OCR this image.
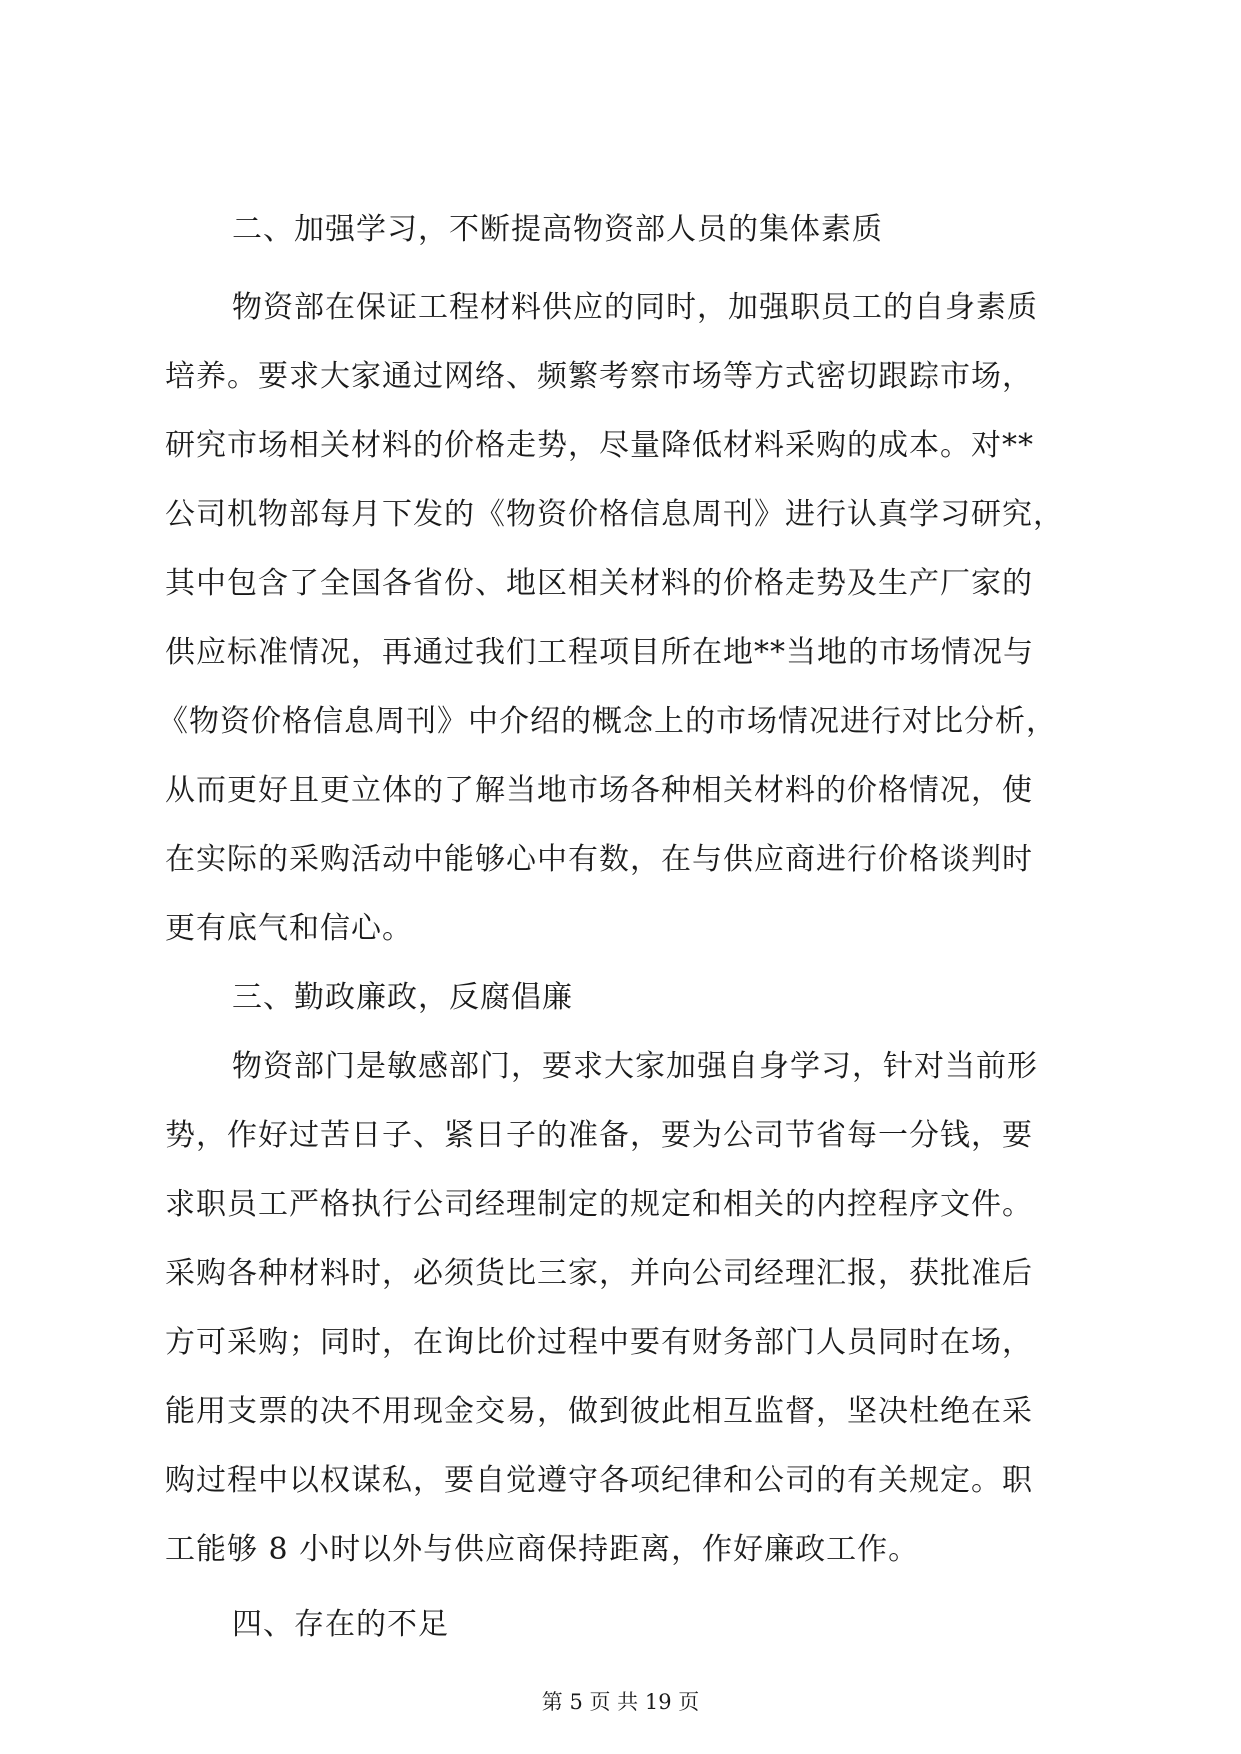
二、加强学习，不断提高物资部人员的集体素质
物资部在保证工程材料供应的同时，加强职员工的自身素质
培养。要求大家通过网络、频繁考察市场等方式密切跟踪市场，
研究市场相关材料的价格走势，尽量降低材料采购的成本。对**
公司机物部每月下发的《物资价格信息周刊》进行认真学习研究，
其中包含了全国各省份、地区相关材料的价格走势及生产厂家的
供应标准情况，再通过我们工程项目所在地**当地的市场情况与
《物资价格信息周刊》中介绍的概念上的市场情况进行对比分析，
从而更好且更立体的了解当地市场各种相关材料的价格情况，使
在实际的采购活动中能够心中有数，在与供应商进行价格谈判时
更有底气和信心。
三、勤政廉政，反腐倡廉
物资部门是敏感部门，要求大家加强自身学习，针对当前形
势，作好过苦日子、紧日子的准备，要为公司节省每一分钱，要
求职员工严格执行公司经理制定的规定和相关的内控程序文件。
采购各种材料时，必须货比三家，并向公司经理汇报，获批准后
方可采购；同时，在询比价过程中要有财务部门人员同时在场，
能用支票的决不用现金交易，做到彼此相互监督，坚决杜绝在采
购过程中以权谋私，要自觉遵守各项纪律和公司的有关规定。职
工能够 8 小时以外与供应商保持距离，作好廉政工作。
四、存在的不足
第 5 页 共 19 页
